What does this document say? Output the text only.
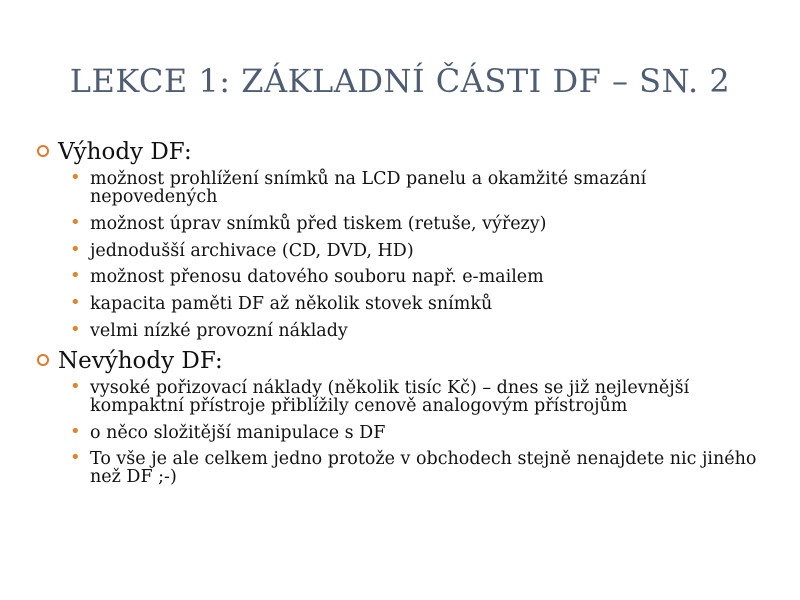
LEKCE 1: ZÁKLADNÍ ČÁSTI DF – SN. 2
Výhody DF:
• možnost prohlížení snímků na LCD panelu a okamžité smazání nepovedených
• možnost úprav snímků před tiskem (retuše, výřezy)
• jednodušší archivace (CD, DVD, HD)
• možnost přenosu datového souboru např. e-mailem
• kapacita paměti DF až několik stovek snímků
• velmi nízké provozní náklady
Nevýhody DF:
• vysoké pořizovací náklady (několik tisíc Kč) – dnes se již nejlevnější kompaktní přístroje přiblížily cenově analogovým přístrojům
• o něco složitější manipulace s DF
• To vše je ale celkem jedno protože v obchodech stejně nenajdete nic jiného než DF ;-)
